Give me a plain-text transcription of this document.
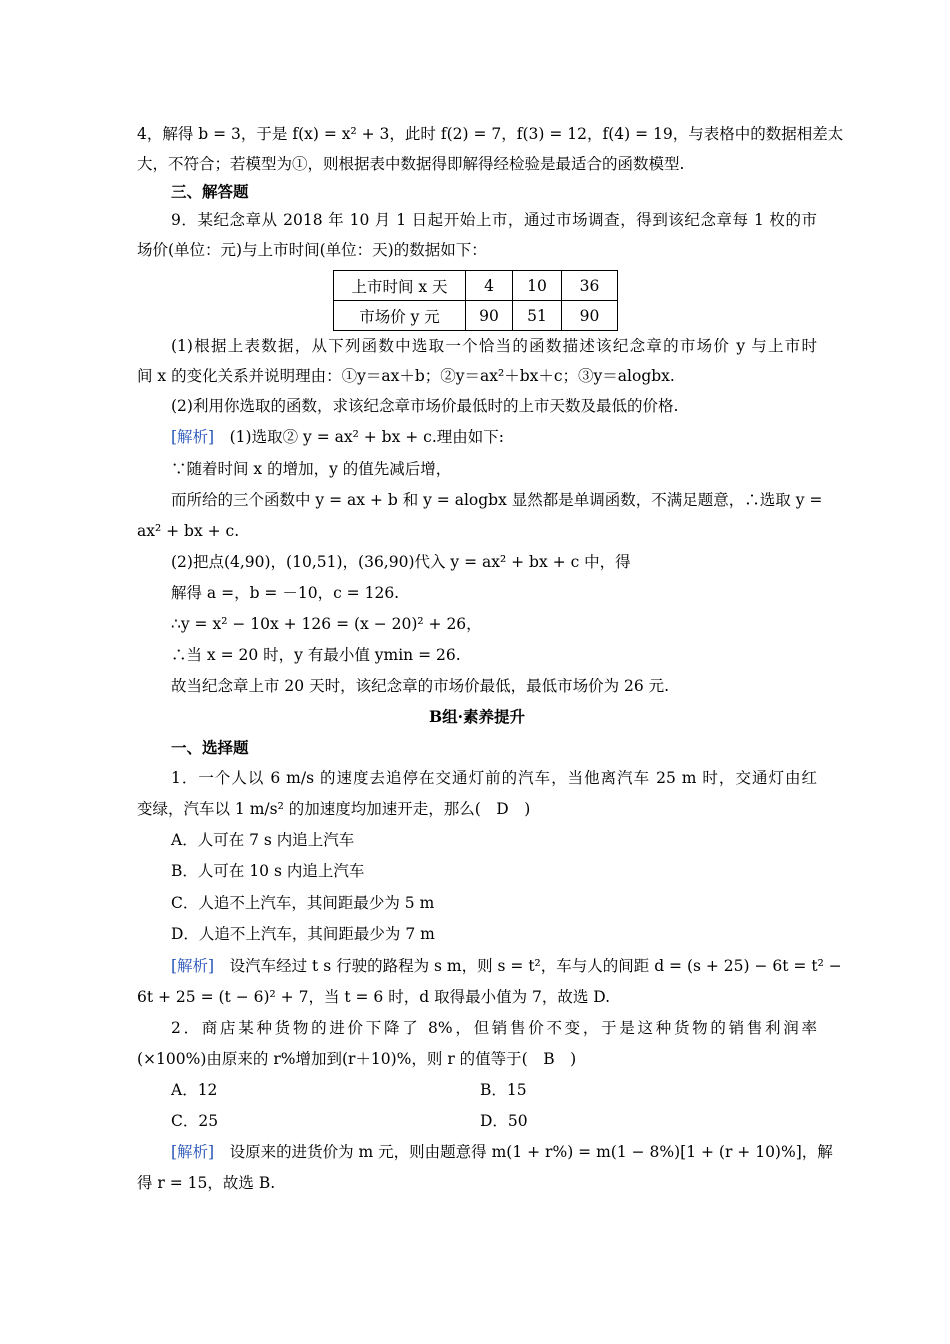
4，解得 b = 3，于是 f(x) = x² + 3，此时 f(2) = 7，f(3) = 12，f(4) = 19，与表格中的数据相差太
大，不符合；若模型为①，则根据表中数据得即解得经检验是最适合的函数模型.
三、解答题
9．某纪念章从 2018 年 10 月 1 日起开始上市，通过市场调查，得到该纪念章每 1 枚的市
场价(单位：元)与上市时间(单位：天)的数据如下：
上市时间 x 天	4	10	36
市场价 y 元	90	51	90
(1)根据上表数据，从下列函数中选取一个恰当的函数描述该纪念章的市场价 y 与上市时
间 x 的变化关系并说明理由：①y＝ax＋b；②y＝ax²＋bx＋c；③y＝alogbx.
(2)利用你选取的函数，求该纪念章市场价最低时的上市天数及最低的价格.
[解析]　 (1)选取② y = ax² + bx + c.理由如下:
∵随着时间 x 的增加，y 的值先减后增，
而所给的三个函数中 y = ax + b 和 y = alogbx 显然都是单调函数，不满足题意，∴选取 y =
ax² + bx + c.
(2)把点(4,90)，(10,51)，(36,90)代入 y = ax² + bx + c 中，得
解得 a =，b = －10，c = 126.
∴y = x² − 10x + 126 = (x − 20)² + 26，
∴当 x = 20 时，y 有最小值 ymin = 26.
故当纪念章上市 20 天时，该纪念章的市场价最低，最低市场价为 26 元.
B组·素养提升
一、选择题
1．一个人以 6 m/s 的速度去追停在交通灯前的汽车，当他离汽车 25 m 时，交通灯由红
变绿，汽车以 1 m/s² 的加速度均加速开走，那么(　D　)
A．人可在 7 s 内追上汽车
B．人可在 10 s 内追上汽车
C．人追不上汽车，其间距最少为 5 m
D．人追不上汽车，其间距最少为 7 m
[解析]　 设汽车经过 t s 行驶的路程为 s m，则 s = t²，车与人的间距 d = (s + 25) − 6t = t² −
6t + 25 = (t − 6)² + 7，当 t = 6 时，d 取得最小值为 7，故选 D.
2．商店某种货物的进价下降了 8%，但销售价不变，于是这种货物的销售利润率
(×100%)由原来的 r%增加到(r＋10)%，则 r 的值等于(　B　)
A．12	B．15
C．25	D．50
[解析]　 设原来的进货价为 m 元，则由题意得 m(1 + r%) = m(1 − 8%)[1 + (r + 10)%]，解
得 r = 15，故选 B.
